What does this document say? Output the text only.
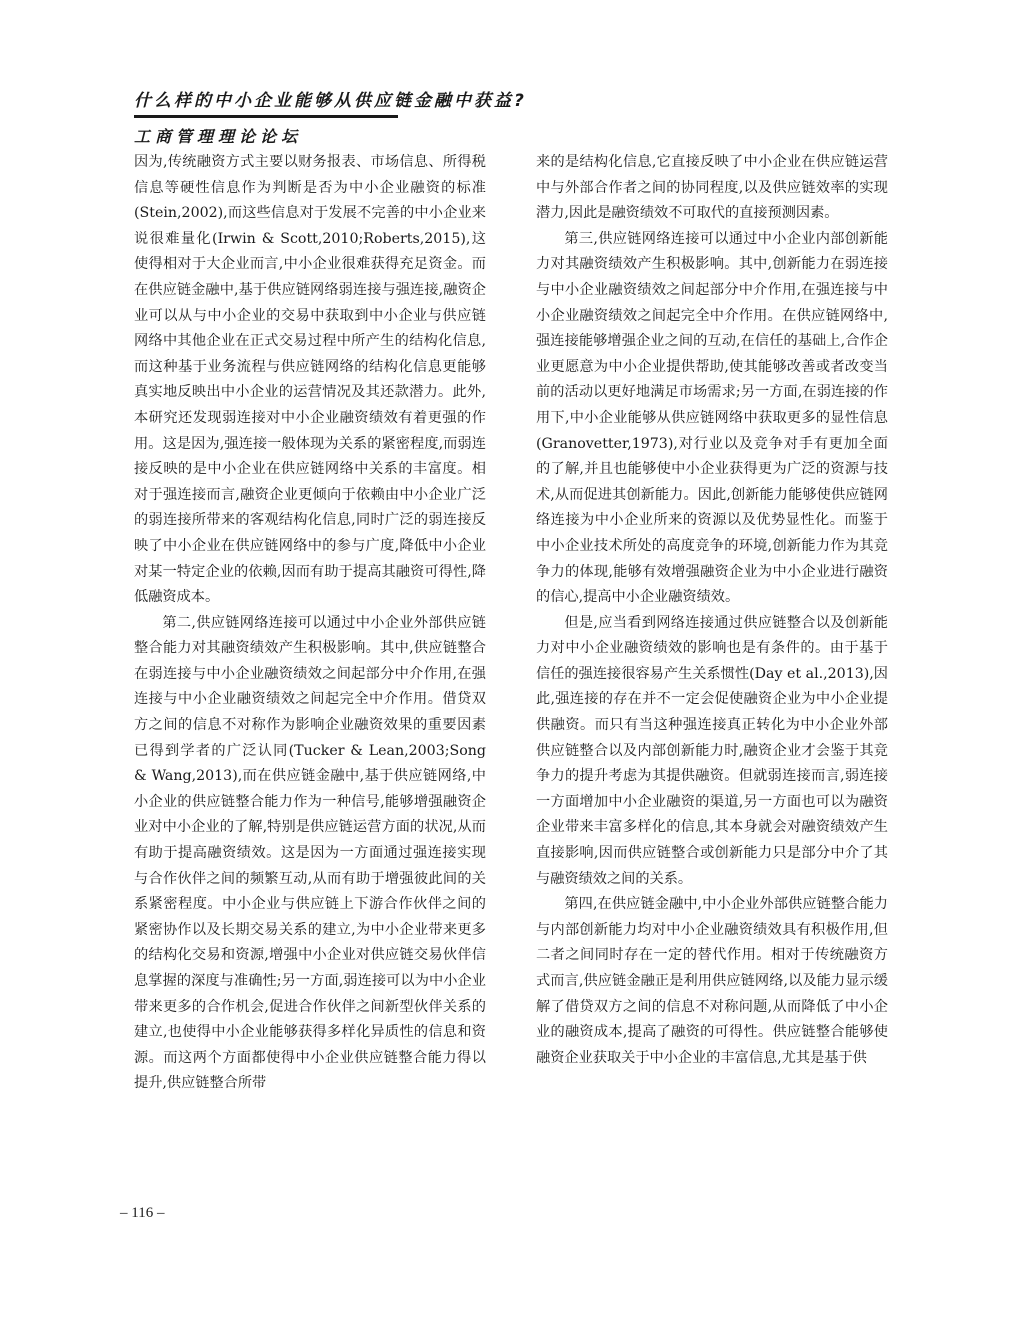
什么样的中小企业能够从供应链金融中获益?
工商管理理论论坛

因为,传统融资方式主要以财务报表、市场信息、所得税信息等硬性信息作为判断是否为中小企业融资的标准(Stein,2002),而这些信息对于发展不完善的中小企业来说很难量化(Irwin & Scott,2010;Roberts,2015),这使得相对于大企业而言,中小企业很难获得充足资金。而在供应链金融中,基于供应链网络弱连接与强连接,融资企业可以从与中小企业的交易中获取到中小企业与供应链网络中其他企业在正式交易过程中所产生的结构化信息,而这种基于业务流程与供应链网络的结构化信息更能够真实地反映出中小企业的运营情况及其还款潜力。此外,本研究还发现弱连接对中小企业融资绩效有着更强的作用。这是因为,强连接一般体现为关系的紧密程度,而弱连接反映的是中小企业在供应链网络中关系的丰富度。相对于强连接而言,融资企业更倾向于依赖由中小企业广泛的弱连接所带来的客观结构化信息,同时广泛的弱连接反映了中小企业在供应链网络中的参与广度,降低中小企业对某一特定企业的依赖,因而有助于提高其融资可得性,降低融资成本。

第二,供应链网络连接可以通过中小企业外部供应链整合能力对其融资绩效产生积极影响。其中,供应链整合在弱连接与中小企业融资绩效之间起部分中介作用,在强连接与中小企业融资绩效之间起完全中介作用。借贷双方之间的信息不对称作为影响企业融资效果的重要因素已得到学者的广泛认同(Tucker & Lean,2003;Song & Wang,2013),而在供应链金融中,基于供应链网络,中小企业的供应链整合能力作为一种信号,能够增强融资企业对中小企业的了解,特别是供应链运营方面的状况,从而有助于提高融资绩效。这是因为一方面通过强连接实现与合作伙伴之间的频繁互动,从而有助于增强彼此间的关系紧密程度。中小企业与供应链上下游合作伙伴之间的紧密协作以及长期交易关系的建立,为中小企业带来更多的结构化交易和资源,增强中小企业对供应链交易伙伴信息掌握的深度与准确性;另一方面,弱连接可以为中小企业带来更多的合作机会,促进合作伙伴之间新型伙伴关系的建立,也使得中小企业能够获得多样化异质性的信息和资源。而这两个方面都使得中小企业供应链整合能力得以提升,供应链整合所带

来的是结构化信息,它直接反映了中小企业在供应链运营中与外部合作者之间的协同程度,以及供应链效率的实现潜力,因此是融资绩效不可取代的直接预测因素。

第三,供应链网络连接可以通过中小企业内部创新能力对其融资绩效产生积极影响。其中,创新能力在弱连接与中小企业融资绩效之间起部分中介作用,在强连接与中小企业融资绩效之间起完全中介作用。在供应链网络中,强连接能够增强企业之间的互动,在信任的基础上,合作企业更愿意为中小企业提供帮助,使其能够改善或者改变当前的活动以更好地满足市场需求;另一方面,在弱连接的作用下,中小企业能够从供应链网络中获取更多的显性信息(Granovetter,1973),对行业以及竞争对手有更加全面的了解,并且也能够使中小企业获得更为广泛的资源与技术,从而促进其创新能力。因此,创新能力能够使供应链网络连接为中小企业所来的资源以及优势显性化。而鉴于中小企业技术所处的高度竞争的环境,创新能力作为其竞争力的体现,能够有效增强融资企业为中小企业进行融资的信心,提高中小企业融资绩效。

但是,应当看到网络连接通过供应链整合以及创新能力对中小企业融资绩效的影响也是有条件的。由于基于信任的强连接很容易产生关系惯性(Day et al.,2013),因此,强连接的存在并不一定会促使融资企业为中小企业提供融资。而只有当这种强连接真正转化为中小企业外部供应链整合以及内部创新能力时,融资企业才会鉴于其竞争力的提升考虑为其提供融资。但就弱连接而言,弱连接一方面增加中小企业融资的渠道,另一方面也可以为融资企业带来丰富多样化的信息,其本身就会对融资绩效产生直接影响,因而供应链整合或创新能力只是部分中介了其与融资绩效之间的关系。

第四,在供应链金融中,中小企业外部供应链整合能力与内部创新能力均对中小企业融资绩效具有积极作用,但二者之间同时存在一定的替代作用。相对于传统融资方式而言,供应链金融正是利用供应链网络,以及能力显示缓解了借贷双方之间的信息不对称问题,从而降低了中小企业的融资成本,提高了融资的可得性。供应链整合能够使融资企业获取关于中小企业的丰富信息,尤其是基于供

– 116 –
